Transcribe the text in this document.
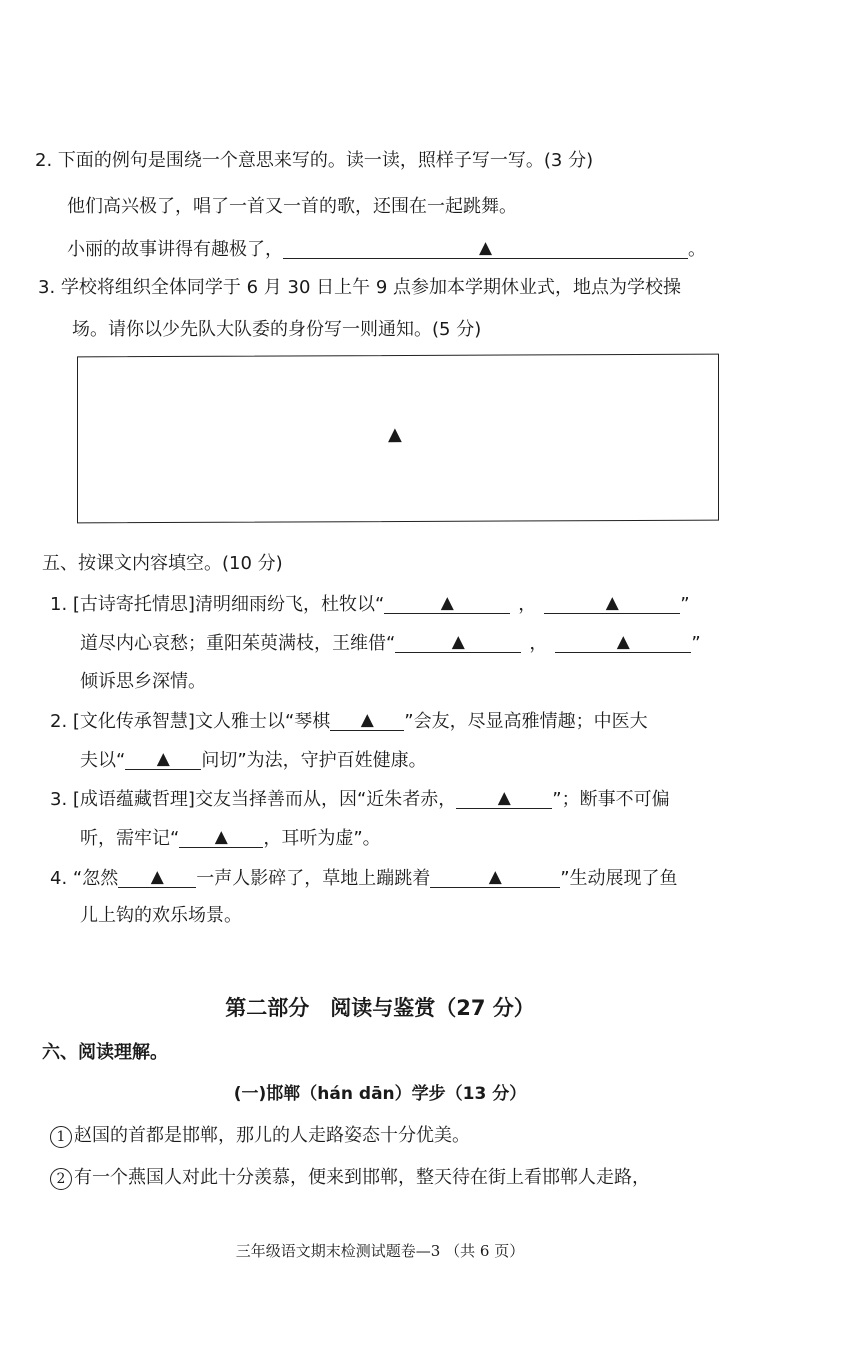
2. 下面的例句是围绕一个意思来写的。读一读，照样子写一写。(3 分)
他们高兴极了，唱了一首又一首的歌，还围在一起跳舞。
小丽的故事讲得有趣极了，	▲	。
3. 学校将组织全体同学于 6 月 30 日上午 9 点参加本学期休业式，地点为学校操
场。请你以少先队大队委的身份写一则通知。(5 分)
▲
五、按课文内容填空。(10 分)
1. [古诗寄托情思]清明细雨纷飞，杜牧以“	▲	，	▲	”
道尽内心哀愁；重阳茱萸满枝，王维借“	▲	，	▲	”
倾诉思乡深情。
2. [文化传承智慧]文人雅士以“琴棋 ▲ ”会友，尽显高雅情趣；中医大
夫以“ ▲ 问切”为法，守护百姓健康。
3. [成语蕴藏哲理]交友当择善而从，因“近朱者赤， ▲ ”；断事不可偏
听，需牢记“ ▲ ，耳听为虚”。
4. “忽然 ▲ 一声人影碎了，草地上蹦跳着	▲	”生动展现了鱼
儿上钩的欢乐场景。
第二部分　阅读与鉴赏（27 分）
六、阅读理解。
(一)邯郸（hán dān）学步（13 分）
1 赵国的首都是邯郸，那儿的人走路姿态十分优美。
2 有一个燕国人对此十分羡慕，便来到邯郸，整天待在街上看邯郸人走路，
三年级语文期末检测试题卷—3 （共 6 页）
